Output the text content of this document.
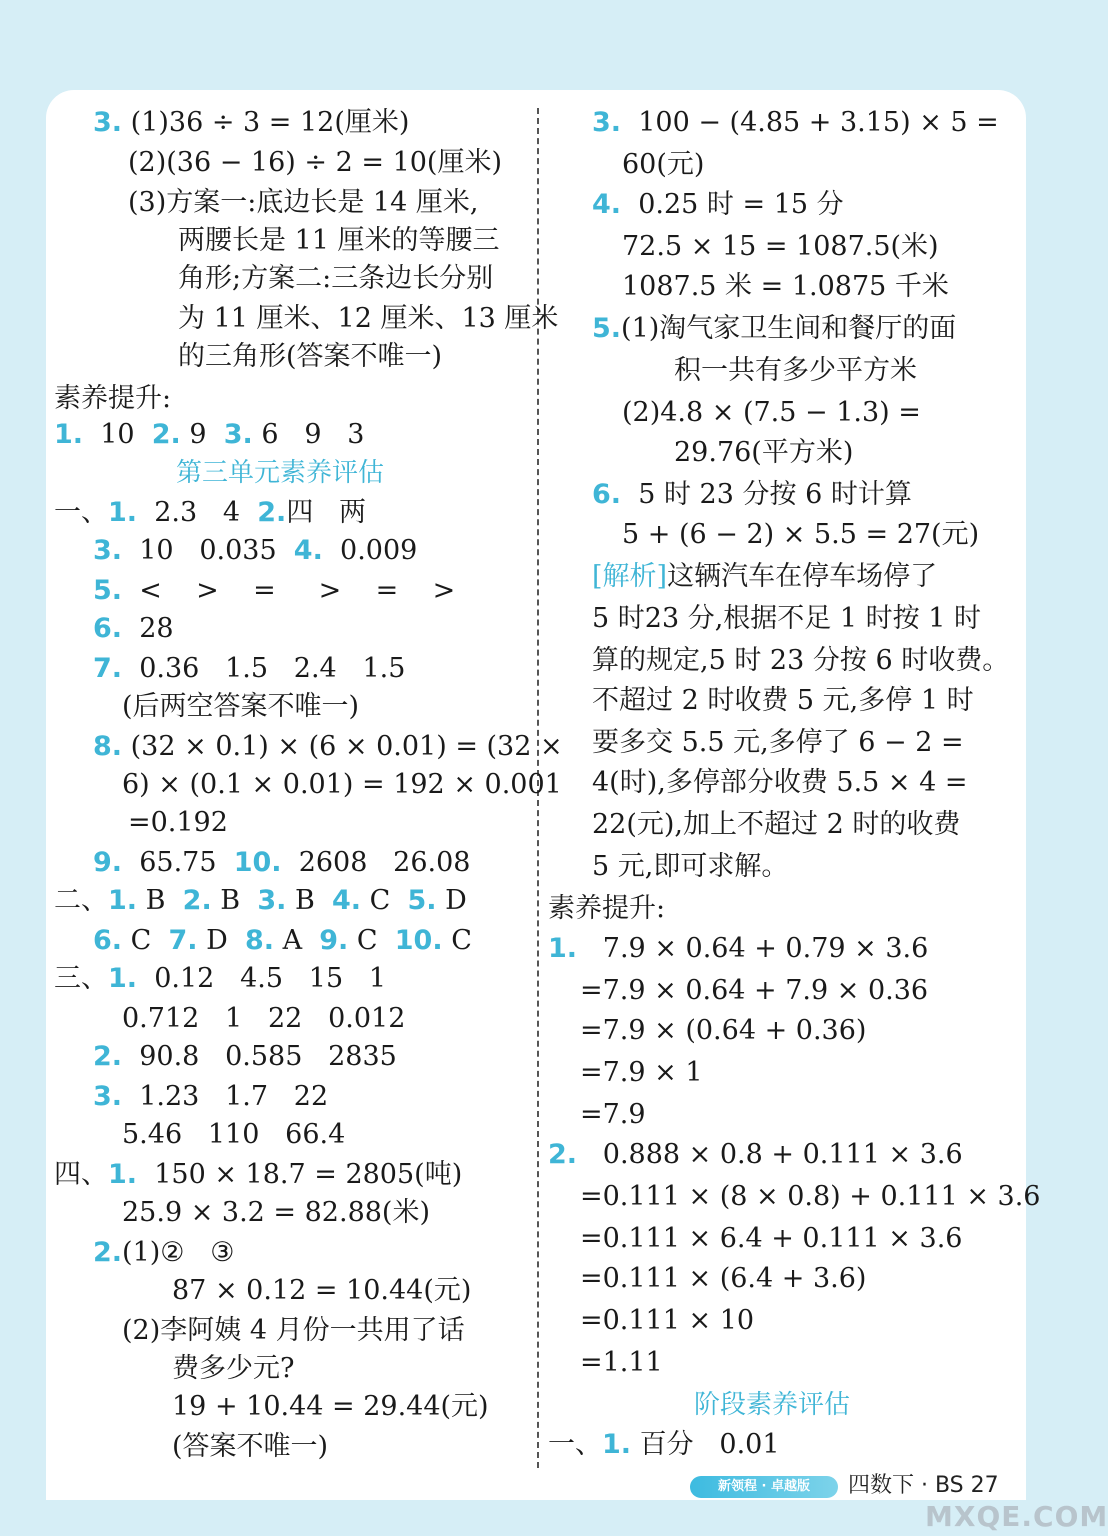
3. (1)36 ÷ 3 = 12(厘米)
(2)(36 − 16) ÷ 2 = 10(厘米)
(3)方案一:底边长是 14 厘米,
两腰长是 11 厘米的等腰三
角形;方案二:三条边长分别
为 11 厘米、12 厘米、13 厘米
的三角形(答案不唯一)
素养提升:
1. 10 2. 9 3. 6   9   3
第三单元素养评估
一、1. 2.3   4 2.四   两
3. 10   0.035 4. 0.009
5. <    >    =     >    =    >
6. 28
7. 0.36   1.5   2.4   1.5
(后两空答案不唯一)
8. (32 × 0.1) × (6 × 0.01) = (32 ×
6) × (0.1 × 0.01) = 192 × 0.001
=0.192
9. 65.75 10. 2608   26.08
二、1. B 2. B 3. B 4. C 5. D
6. C 7. D 8. A 9. C 10. C
三、1. 0.12   4.5   15   1
0.712   1   22   0.012
2. 90.8   0.585   2835
3. 1.23   1.7   22
5.46   110   66.4
四、1. 150 × 18.7 = 2805(吨)
25.9 × 3.2 = 82.88(米)
2.(1)②   ③
87 × 0.12 = 10.44(元)
(2)李阿姨 4 月份一共用了话
费多少元?
19 + 10.44 = 29.44(元)
(答案不唯一)
3. 100 − (4.85 + 3.15) × 5 =
60(元)
4. 0.25 时 = 15 分
72.5 × 15 = 1087.5(米)
1087.5 米 = 1.0875 千米
5.(1)淘气家卫生间和餐厅的面
积一共有多少平方米
(2)4.8 × (7.5 − 1.3) =
29.76(平方米)
6. 5 时 23 分按 6 时计算
5 + (6 − 2) × 5.5 = 27(元)
[解析]这辆汽车在停车场停了
5 时23 分,根据不足 1 时按 1 时
算的规定,5 时 23 分按 6 时收费。
不超过 2 时收费 5 元,多停 1 时
要多交 5.5 元,多停了 6 − 2 =
4(时),多停部分收费 5.5 × 4 =
22(元),加上不超过 2 时的收费
5 元,即可求解。
素养提升:
1. 7.9 × 0.64 + 0.79 × 3.6
=7.9 × 0.64 + 7.9 × 0.36
=7.9 × (0.64 + 0.36)
=7.9 × 1
=7.9
2. 0.888 × 0.8 + 0.111 × 3.6
=0.111 × (8 × 0.8) + 0.111 × 3.6
=0.111 × 6.4 + 0.111 × 3.6
=0.111 × (6.4 + 3.6)
=0.111 × 10
=1.11
阶段素养评估
一、1. 百分   0.01
新领程 · 卓越版	四数下 · BS 27
MXQE.COM
